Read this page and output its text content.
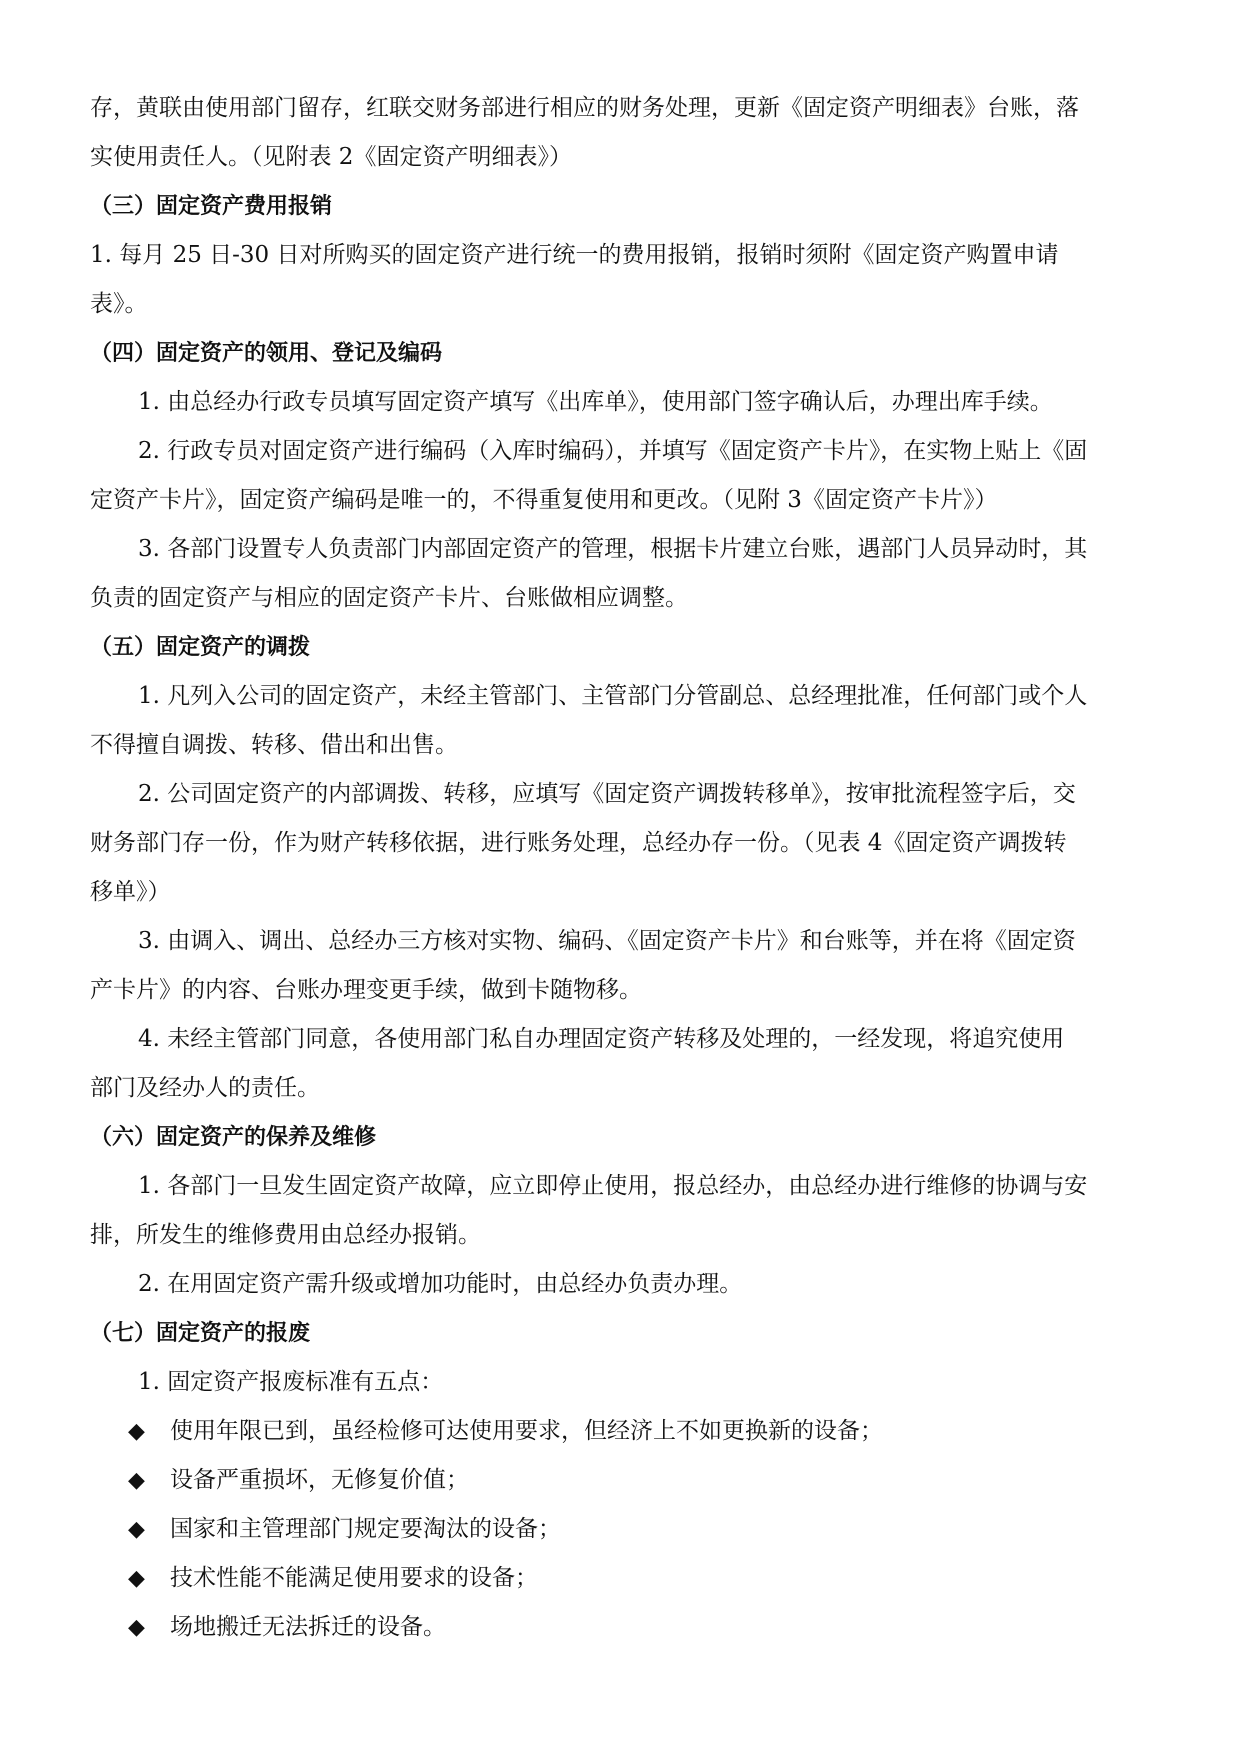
存，黄联由使用部门留存，红联交财务部进行相应的财务处理，更新《固定资产明细表》台账，落
实使用责任人。（见附表 2《固定资产明细表》）
（三）固定资产费用报销
1. 每月 25 日-30 日对所购买的固定资产进行统一的费用报销，报销时须附《固定资产购置申请
表》。
（四）固定资产的领用、登记及编码
1. 由总经办行政专员填写固定资产填写《出库单》，使用部门签字确认后，办理出库手续。
2. 行政专员对固定资产进行编码（入库时编码），并填写《固定资产卡片》，在实物上贴上《固
定资产卡片》，固定资产编码是唯一的，不得重复使用和更改。（见附 3《固定资产卡片》）
3. 各部门设置专人负责部门内部固定资产的管理，根据卡片建立台账，遇部门人员异动时，其
负责的固定资产与相应的固定资产卡片、台账做相应调整。
（五）固定资产的调拨
1. 凡列入公司的固定资产，未经主管部门、主管部门分管副总、总经理批准，任何部门或个人
不得擅自调拨、转移、借出和出售。
2. 公司固定资产的内部调拨、转移，应填写《固定资产调拨转移单》，按审批流程签字后，交
财务部门存一份，作为财产转移依据，进行账务处理，总经办存一份。（见表 4《固定资产调拨转
移单》）
3. 由调入、调出、总经办三方核对实物、编码、《固定资产卡片》和台账等，并在将《固定资
产卡片》的内容、台账办理变更手续，做到卡随物移。
4. 未经主管部门同意，各使用部门私自办理固定资产转移及处理的，一经发现，将追究使用
部门及经办人的责任。
（六）固定资产的保养及维修
1. 各部门一旦发生固定资产故障，应立即停止使用，报总经办，由总经办进行维修的协调与安
排，所发生的维修费用由总经办报销。
2. 在用固定资产需升级或增加功能时，由总经办负责办理。
（七）固定资产的报废
1. 固定资产报废标准有五点：
◆ 使用年限已到，虽经检修可达使用要求，但经济上不如更换新的设备；
◆ 设备严重损坏，无修复价值；
◆ 国家和主管理部门规定要淘汰的设备；
◆ 技术性能不能满足使用要求的设备；
◆ 场地搬迁无法拆迁的设备。
